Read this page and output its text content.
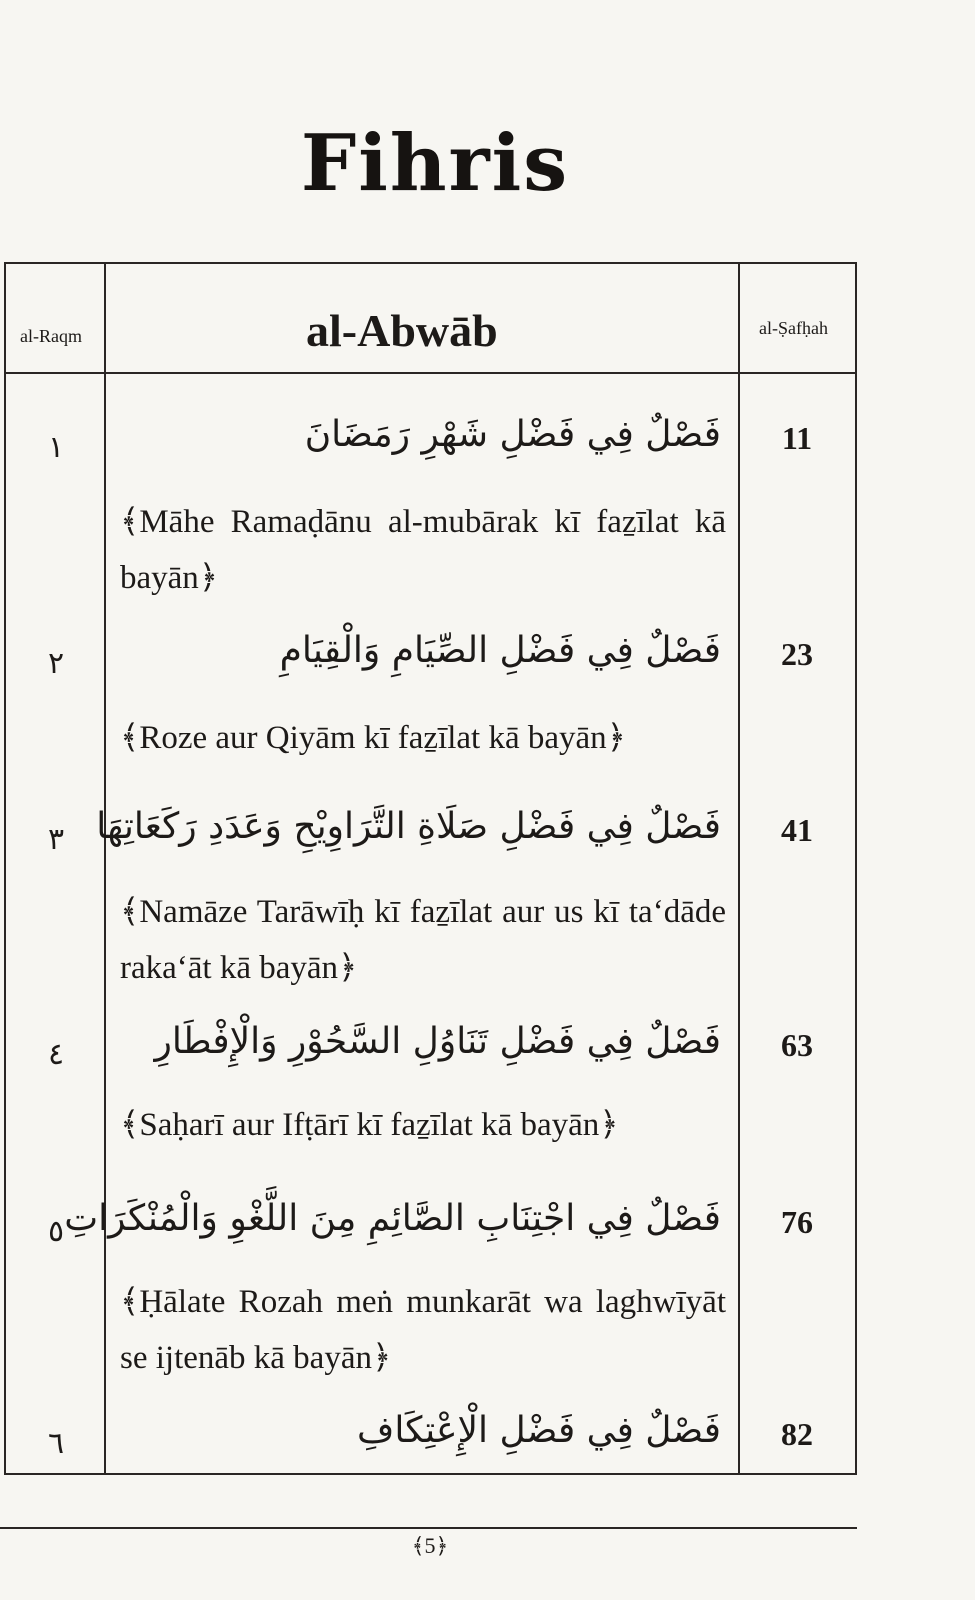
Fihris
al-Raqm	al-Abwāb	al-Ṣafḥah
١	فَصْلٌ فِي فَضْلِ شَهْرِ رَمَضَانَ	11
﴾Māhe Ramaḍānu al-mubārak kī faẕīlat kā bayān﴿
٢	فَصْلٌ فِي فَضْلِ الصِّيَامِ وَالْقِيَامِ	23
﴾Roze aur Qiyām kī faẕīlat kā bayān﴿
٣ فَصْلٌ فِي فَضْلِ صَلَاةِ التَّرَاوِيْحِ وَعَدَدِ رَكَعَاتِهَا	41
﴾Namāze Tarāwīḥ kī faẕīlat aur us kī ta‘dāde raka‘āt kā bayān﴿
٤	فَصْلٌ فِي فَضْلِ تَنَاوُلِ السَّحُوْرِ وَالْإِفْطَارِ	63
﴾Saḥarī aur Ifṭārī kī faẕīlat kā bayān﴿
٥ فَصْلٌ فِي اجْتِنَابِ الصَّائِمِ مِنَ اللَّغْوِ وَالْمُنْكَرَاتِ	76
﴾Ḥālate Rozah meṅ munkarāt wa laghwīyāt se ijtenāb kā bayān﴿
٦	فَصْلٌ فِي فَضْلِ الْإِعْتِكَافِ	82
﴾5﴿
